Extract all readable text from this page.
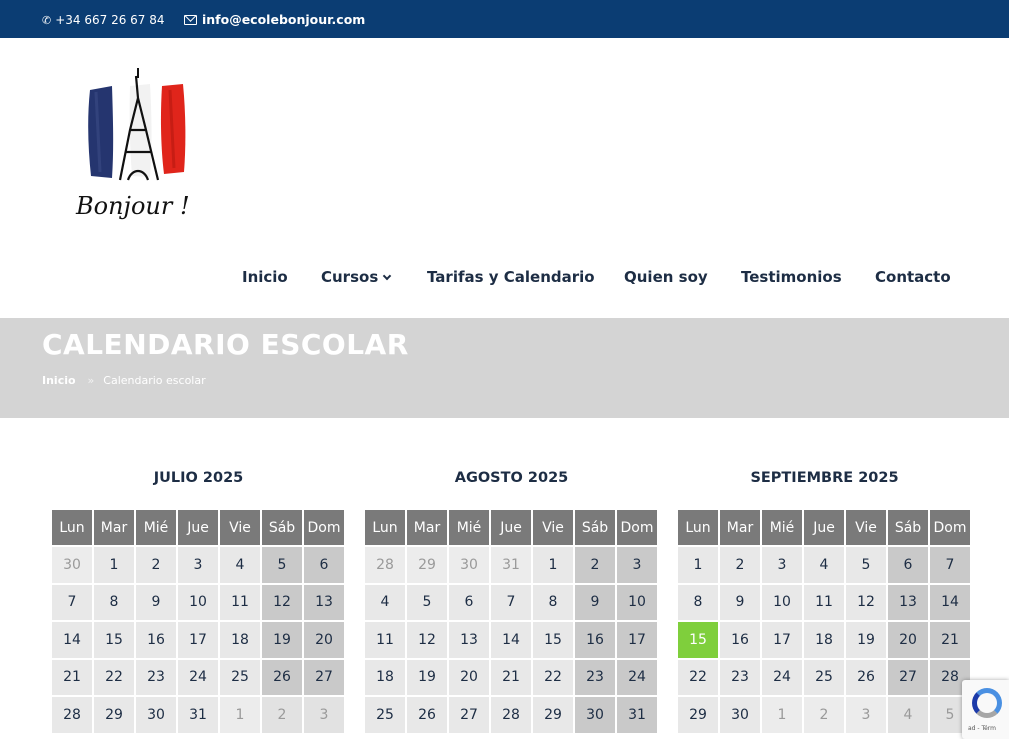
✆ +34 667 26 67 84	info@ecolebonjour.com
Bonjour !
Inicio Cursos	Tarifas y Calendario Quien soy Testimonios Contacto
CALENDARIO ESCOLAR
Inicio » Calendario escolar
JULIO 2025
Lun	Mar	Mié	Jue	Vie	Sáb Dom
30	1	2	3	4	5	6
7	8	9	10	11	12	13
14	15	16	17	18	19	20
21	22	23	24	25	26	27
28	29	30	31	1	2	3
AGOSTO 2025
Lun	Mar	Mié	Jue	Vie	Sáb Dom
28	29	30	31	1	2	3
4	5	6	7	8	9	10
11	12	13	14	15	16	17
18	19	20	21	22	23	24
25	26	27	28	29	30	31
SEPTIEMBRE 2025
Lun	Mar	Mié	Jue	Vie	Sáb Dom
1	2	3	4	5	6	7
8	9	10	11	12	13	14
15	16	17	18	19	20	21
22	23	24	25	26	27	28
29	30	1	2	3	4	5
ad - Térm
